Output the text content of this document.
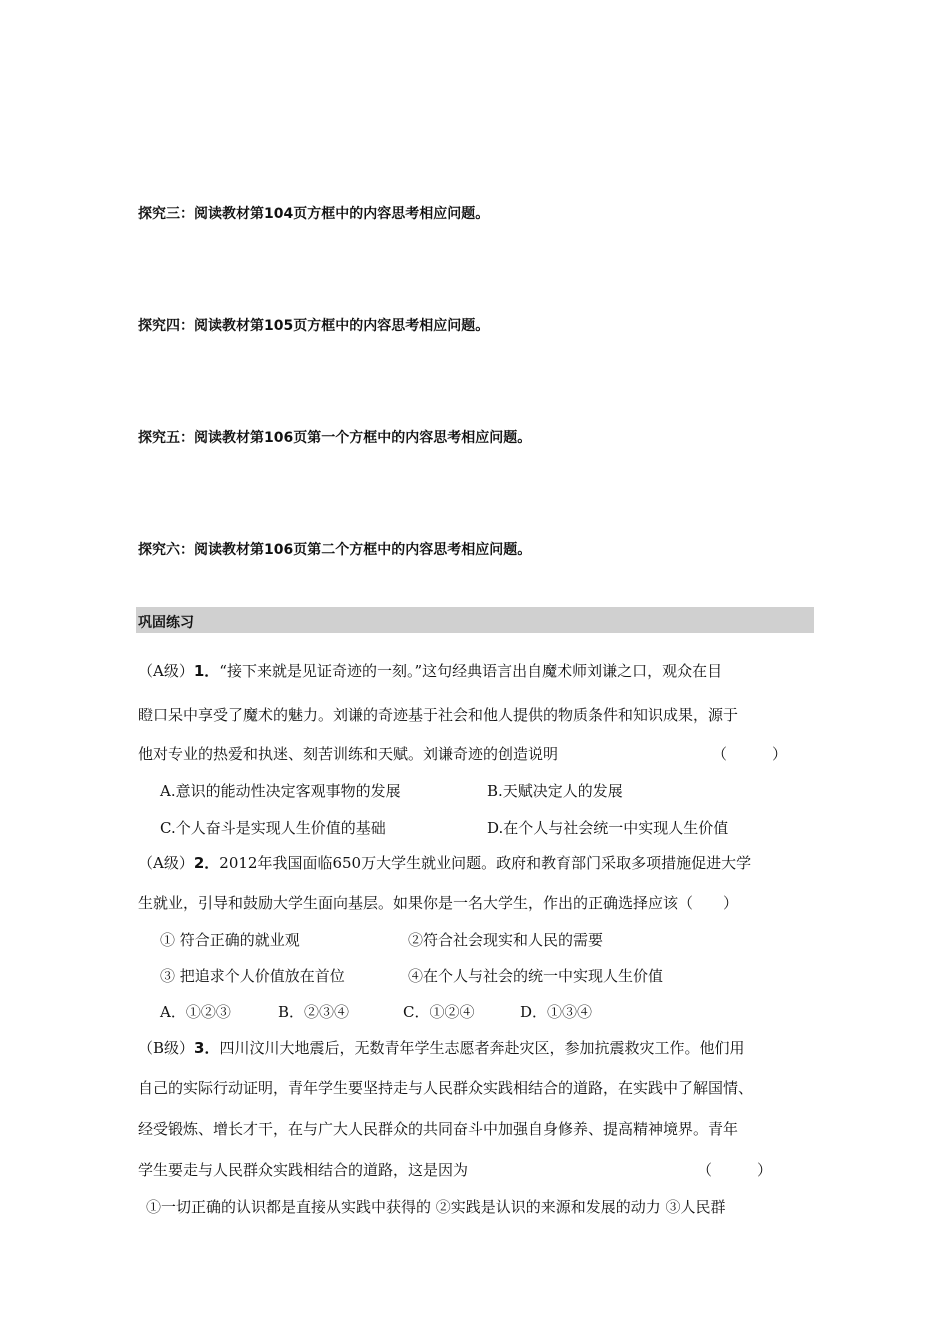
探究三：阅读教材第104页方框中的内容思考相应问题。
探究四：阅读教材第105页方框中的内容思考相应问题。
探究五：阅读教材第106页第一个方框中的内容思考相应问题。
探究六：阅读教材第106页第二个方框中的内容思考相应问题。
巩固练习
（A级）1．“接下来就是见证奇迹的一刻。”这句经典语言出自魔术师刘谦之口，观众在目
瞪口呆中享受了魔术的魅力。刘谦的奇迹基于社会和他人提供的物质条件和知识成果，源于
他对专业的热爱和执迷、刻苦训练和天赋。刘谦奇迹的创造说明	（　　　）
A.意识的能动性决定客观事物的发展	B.天赋决定人的发展
C.个人奋斗是实现人生价值的基础	D.在个人与社会统一中实现人生价值
（A级）2．2012年我国面临650万大学生就业问题。政府和教育部门采取多项措施促进大学
生就业，引导和鼓励大学生面向基层。如果你是一名大学生，作出的正确选择应该（　　）
① 符合正确的就业观	②符合社会现实和人民的需要
③ 把追求个人价值放在首位	④在个人与社会的统一中实现人生价值
A．①②③	B．②③④	C．①②④	D．①③④
（B级）3．四川汶川大地震后，无数青年学生志愿者奔赴灾区，参加抗震救灾工作。他们用
自己的实际行动证明，青年学生要坚持走与人民群众实践相结合的道路，在实践中了解国情、
经受锻炼、增长才干，在与广大人民群众的共同奋斗中加强自身修养、提高精神境界。青年
学生要走与人民群众实践相结合的道路，这是因为	（　　　）
①一切正确的认识都是直接从实践中获得的 ②实践是认识的来源和发展的动力 ③人民群
